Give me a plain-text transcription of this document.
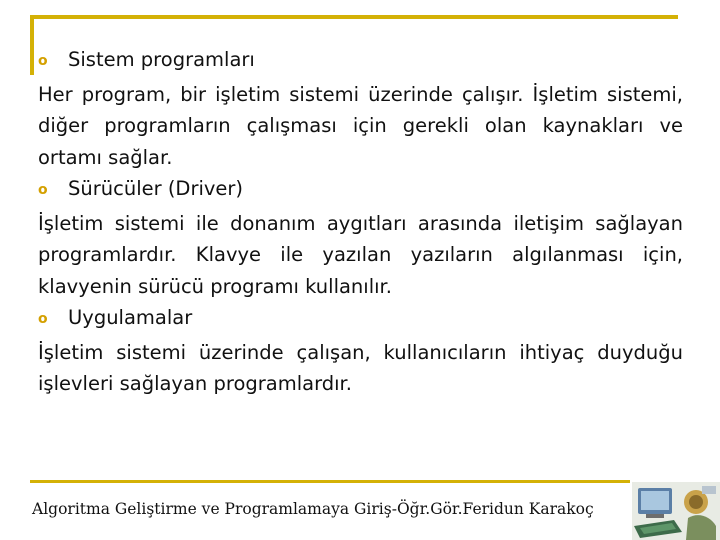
o	Sistem programları
Her program, bir işletim sistemi üzerinde çalışır. İşletim sistemi, diğer programların çalışması için gerekli olan kaynakları ve ortamı sağlar.
o	Sürücüler (Driver)
İşletim sistemi ile donanım aygıtları arasında iletişim sağlayan programlardır. Klavye ile yazılan yazıların algılanması için, klavyenin sürücü programı kullanılır.
o	Uygulamalar
İşletim sistemi üzerinde çalışan, kullanıcıların ihtiyaç duyduğu işlevleri sağlayan programlardır.
Algoritma Geliştirme ve Programlamaya Giriş-Öğr.Gör.Feridun Karakoç
